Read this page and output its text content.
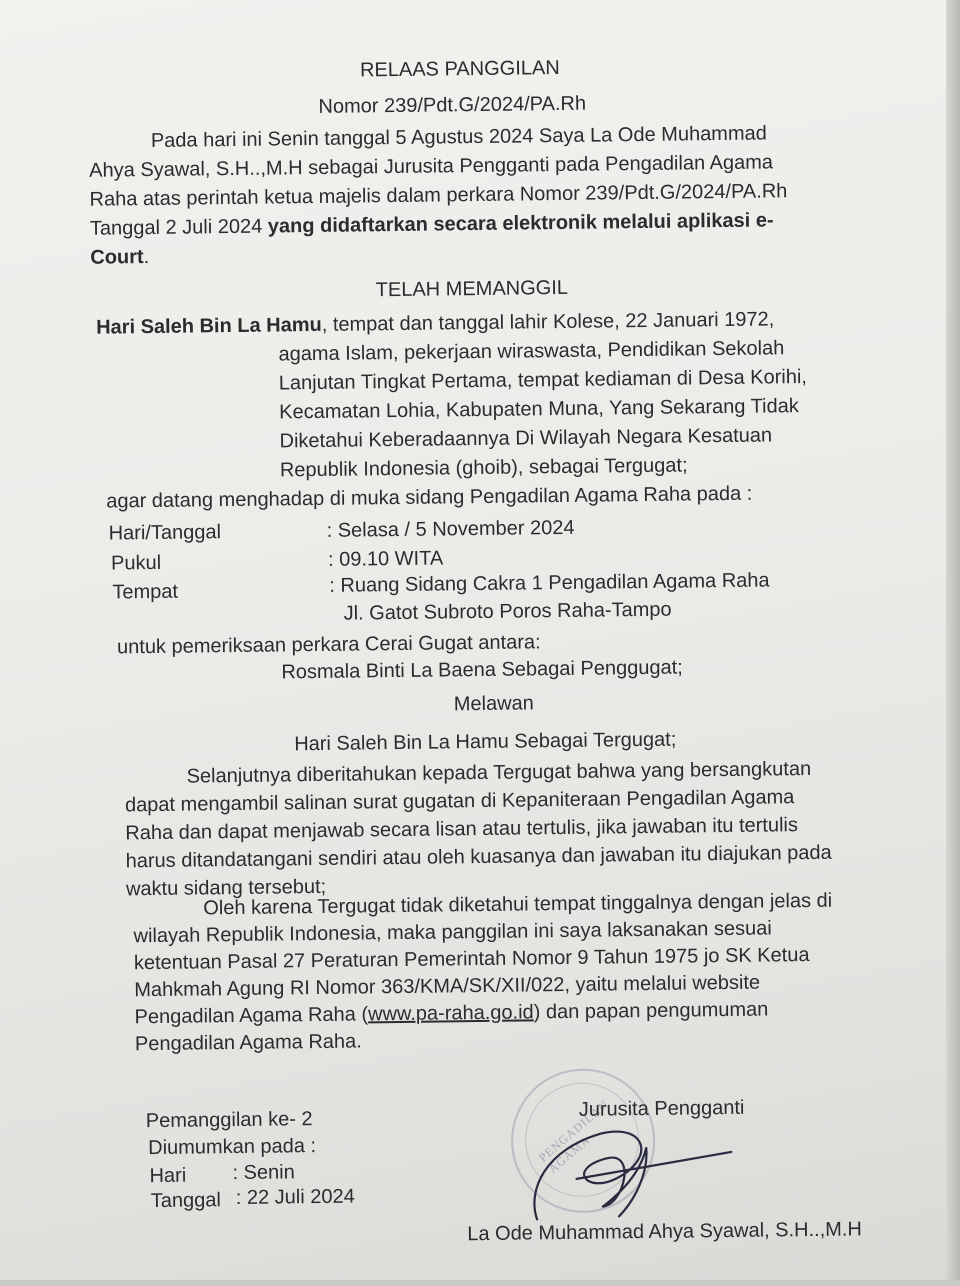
RELAAS PANGGILAN
Nomor 239/Pdt.G/2024/PA.Rh
Pada hari ini Senin tanggal 5 Agustus 2024 Saya La Ode Muhammad
Ahya Syawal, S.H..,M.H sebagai Jurusita Pengganti pada Pengadilan Agama
Raha atas perintah ketua majelis dalam perkara Nomor 239/Pdt.G/2024/PA.Rh
Tanggal 2 Juli 2024 yang didaftarkan secara elektronik melalui aplikasi e-
Court.
TELAH MEMANGGIL
Hari Saleh Bin La Hamu, tempat dan tanggal lahir Kolese, 22 Januari 1972,
agama Islam, pekerjaan wiraswasta, Pendidikan Sekolah
Lanjutan Tingkat Pertama, tempat kediaman di Desa Korihi,
Kecamatan Lohia, Kabupaten Muna, Yang Sekarang Tidak
Diketahui Keberadaannya Di Wilayah Negara Kesatuan
Republik Indonesia (ghoib), sebagai Tergugat;
agar datang menghadap di muka sidang Pengadilan Agama Raha pada :
Hari/Tanggal	: Selasa / 5 November 2024
Pukul	: 09.10 WITA
Tempat	: Ruang Sidang Cakra 1 Pengadilan Agama Raha
Jl. Gatot Subroto Poros Raha-Tampo
untuk pemeriksaan perkara Cerai Gugat antara:
Rosmala Binti La Baena Sebagai Penggugat;
Melawan
Hari Saleh Bin La Hamu Sebagai Tergugat;
Selanjutnya diberitahukan kepada Tergugat bahwa yang bersangkutan
dapat mengambil salinan surat gugatan di Kepaniteraan Pengadilan Agama
Raha dan dapat menjawab secara lisan atau tertulis, jika jawaban itu tertulis
harus ditandatangani sendiri atau oleh kuasanya dan jawaban itu diajukan pada
waktu sidang tersebut;
Oleh karena Tergugat tidak diketahui tempat tinggalnya dengan jelas di
wilayah Republik Indonesia, maka panggilan ini saya laksanakan sesuai
ketentuan Pasal 27 Peraturan Pemerintah Nomor 9 Tahun 1975 jo SK Ketua
Mahkmah Agung RI Nomor 363/KMA/SK/XII/022, yaitu melalui website
Pengadilan Agama Raha (www.pa-raha.go.id) dan papan pengumuman
Pengadilan Agama Raha.
Pemanggilan ke- 2
Diumumkan pada :
Hari : Senin
Tanggal : 22 Juli 2024
PENGADILAN AGAMA
Jurusita Pengganti
La Ode Muhammad Ahya Syawal, S.H..,M.H
